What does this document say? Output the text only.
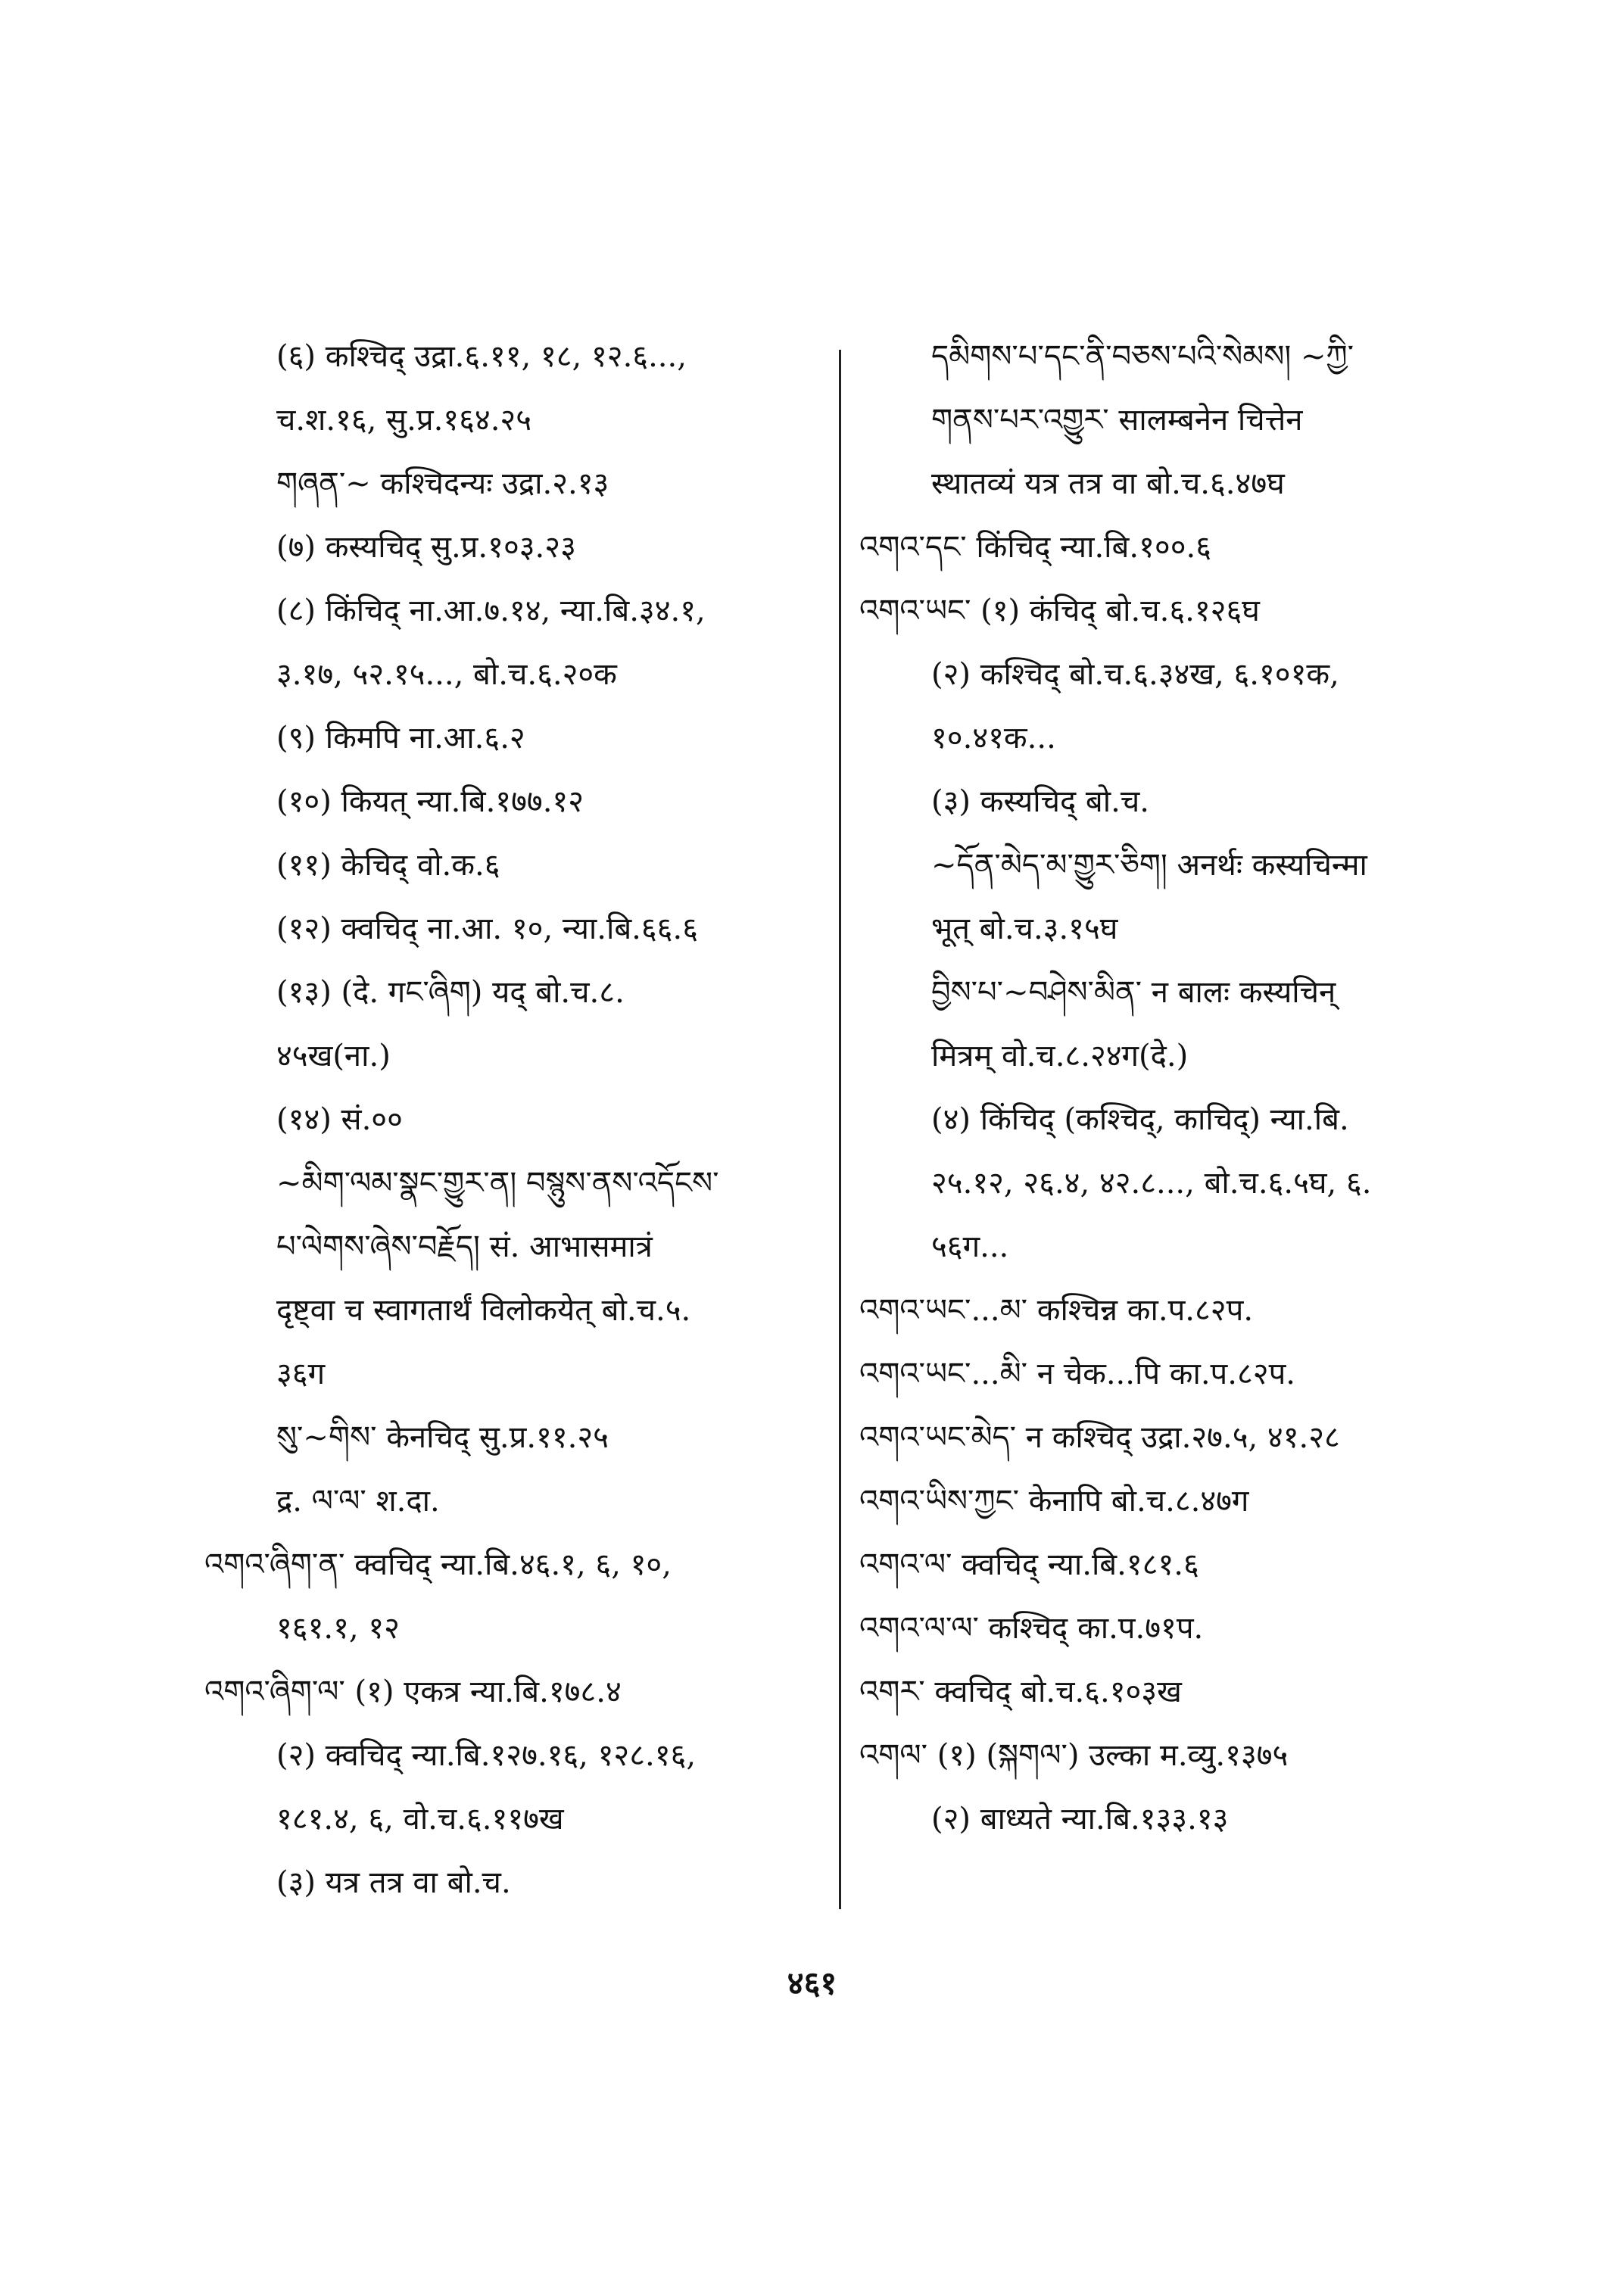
(६) कश्चिद् उद्रा.६.११, १८, १२.६...,
च.श.१६, सु.प्र.१६४.२५
གཞན་~ कश्चिदन्यः उद्रा.२.१३
(७) कस्यचिद् सु.प्र.१०३.२३
(८) किंचिद् ना.आ.७.१४, न्या.बि.३४.१,
३.१७, ५२.१५..., बो.च.६.२०क
(९) किमपि ना.आ.६.२
(१०) कियत् न्या.बि.१७७.१२
(११) केचिद् वो.क.६
(१२) क्वचिद् ना.आ. १०, न्या.बि.६६.६
(१३) (दे. गང་ཞིག) यद् बो.च.८.
४५ख(ना.)
(१४) सं.००
~མིག་ལམ་སྣང་གྱུར་ན། བསྙུས་ནས་འདོངས་
པ་ལེགས་ཞེས་བརྗོད། सं. आभासमात्रं
दृष्ट्वा च स्वागतार्थं विलोकयेत् बो.च.५.
३६ग
སུ་~གིས་ केनचिद् सु.प्र.११.२५
द्र. ལ་ལ་ श.दा.
འགའ་ཞིག་ན་ क्वचिद् न्या.बि.४६.१, ६, १०,
१६१.१, १२
འགའ་ཞིག་ལ་ (१) एकत्र न्या.बि.१७८.४
(२) क्वचिद् न्या.बि.१२७.१६, १२८.१६,
१८१.४, ६, वो.च.६.११७ख
(३) यत्र तत्र वा बो.च.
དམིགས་པ་དང་ནི་བཅས་པའི་སེམས། ~ཀྱི་
གནས་པར་འགྱུར་ सालम्बनेन चित्तेन
स्थातव्यं यत्र तत्र वा बो.च.६.४७घ
འགའ་དང་ किंचिद् न्या.बि.१००.६
འགའ་ཡང་ (१) कंचिद् बो.च.६.१२६घ
(२) कश्चिद् बो.च.६.३४ख, ६.१०१क,
१०.४१क...
(३) कस्यचिद् बो.च.
~དོན་མེད་མ་གྱུར་ཅིག། अनर्थः कस्यचिन्मा
भूत् बो.च.३.१५घ
བྱིས་པ་~བཤེས་མིན་ न बालः कस्यचिन्
मित्रम् वो.च.८.२४ग(दे.)
(४) किंचिद् (कश्चिद्, काचिद्) न्या.बि.
२५.१२, २६.४, ४२.८..., बो.च.६.५घ, ६.
५६ग...
འགའ་ཡང་...མ་ कश्चिन्न का.प.८२प.
འགའ་ཡང་...མི་ न चेक...पि का.प.८२प.
འགའ་ཡང་མེད་ न कश्चिद् उद्रा.२७.५, ४१.२८
འགའ་ཡིས་ཀྱང་ केनापि बो.च.८.४७ग
འགའ་ལ་ क्वचिद् न्या.बि.१८१.६
འགའ་ལ་ལ་ कश्चिद् का.प.७१प.
འགར་ क्वचिद् बो.च.६.१०३ख
འགལ་ (१) (སྐགལ་) उल्का म.व्यु.१३७५
(२) बाध्यते न्या.बि.१३३.१३
४६१
